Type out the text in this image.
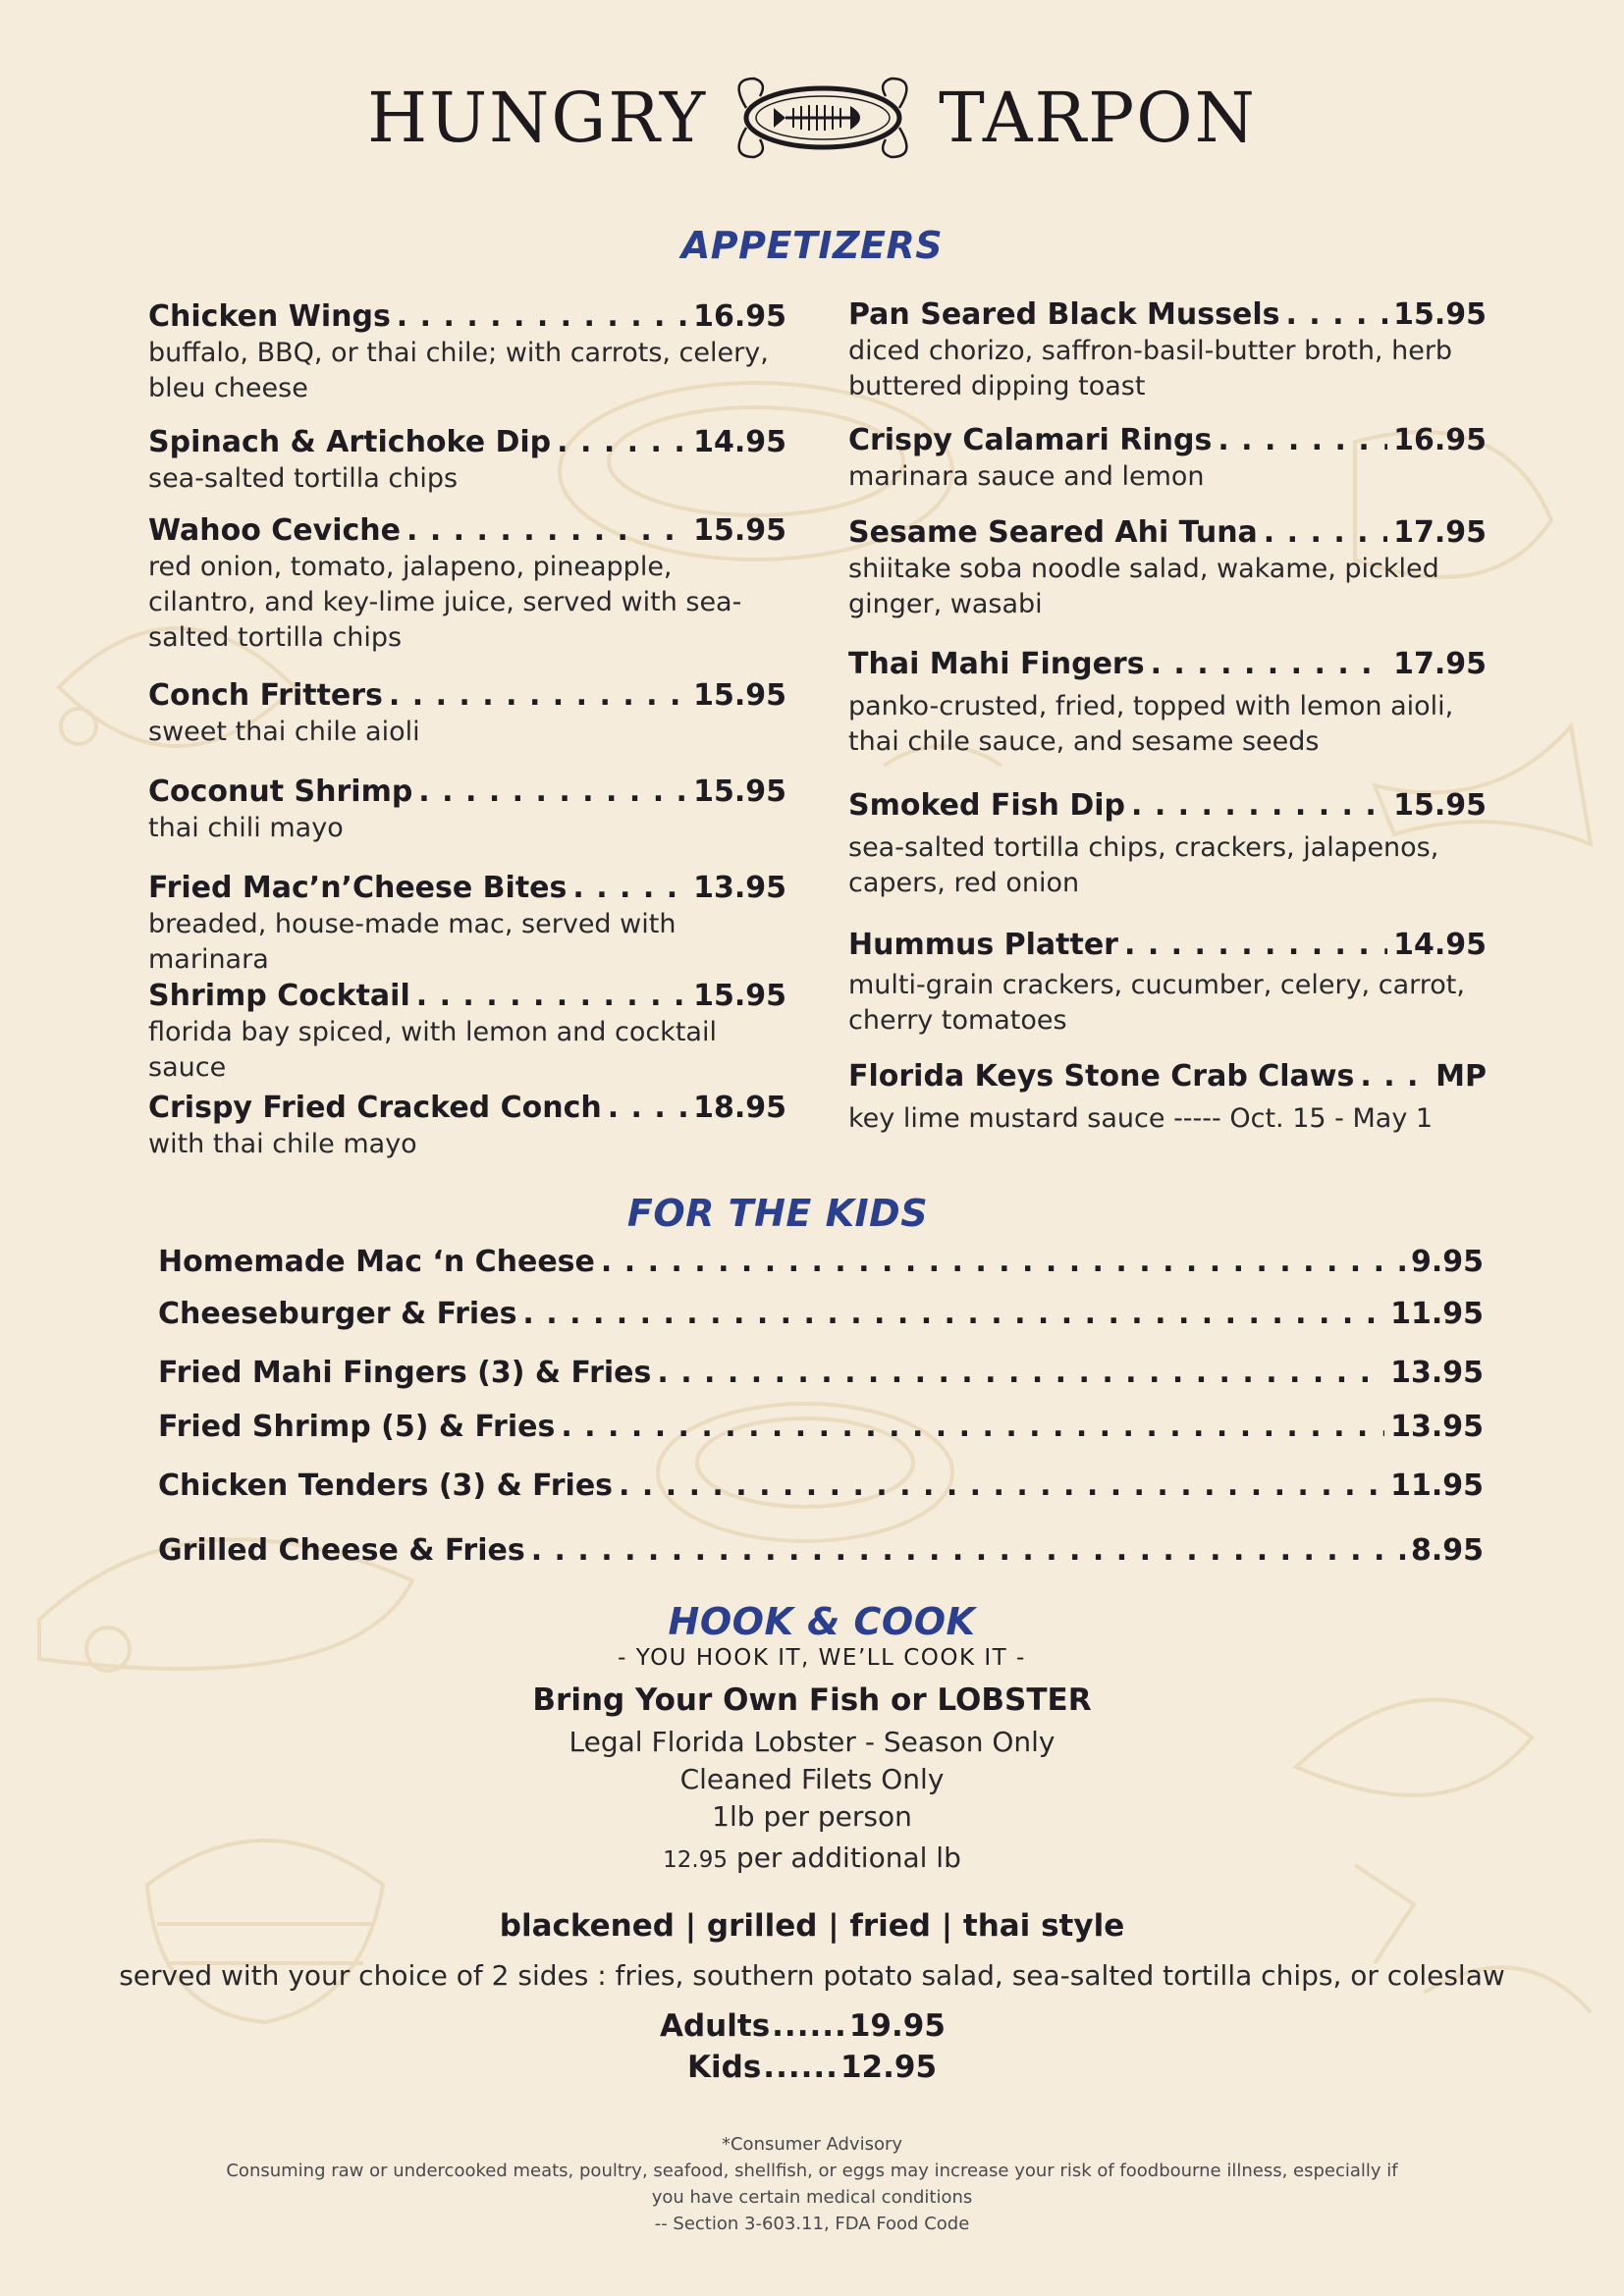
HUNGRY	TARPON
APPETIZERS
Chicken Wings . . .	16.95
buffalo, BBQ, or thai chile; with carrots, celery, bleu cheese
Spinach & Artichoke Dip . . .	14.95
sea-salted tortilla chips
Wahoo Ceviche . . .	15.95
red onion, tomato, jalapeno, pineapple, cilantro, and key-lime juice, served with sea-salted tortilla chips
Conch Fritters . . .	15.95
sweet thai chile aioli
Coconut Shrimp . . .	15.95
thai chili mayo
Fried Mac’n’Cheese Bites . . .	13.95
breaded, house-made mac, served with marinara
Shrimp Cocktail . . .	15.95
florida bay spiced, with lemon and cocktail sauce
Crispy Fried Cracked Conch . . .	18.95
with thai chile mayo
Pan Seared Black Mussels . . .	15.95
diced chorizo, saffron-basil-butter broth, herb buttered dipping toast
Crispy Calamari Rings . . .	16.95
marinara sauce and lemon
Sesame Seared Ahi Tuna . . .	17.95
shiitake soba noodle salad, wakame, pickled ginger, wasabi
Thai Mahi Fingers . . .	17.95
panko-crusted, fried, topped with lemon aioli, thai chile sauce, and sesame seeds
Smoked Fish Dip . . .	15.95
sea-salted tortilla chips, crackers, jalapenos, capers, red onion
Hummus Platter . . .	14.95
multi-grain crackers, cucumber, celery, carrot, cherry tomatoes
Florida Keys Stone Crab Claws . . .	MP
key lime mustard sauce ----- Oct. 15 - May 1
FOR THE KIDS
Homemade Mac ‘n Cheese . . .	9.95
Cheeseburger & Fries . . .	11.95
Fried Mahi Fingers (3) & Fries . . .	13.95
Fried Shrimp (5) & Fries . . .	13.95
Chicken Tenders (3) & Fries . . .	11.95
Grilled Cheese & Fries . . .	8.95
HOOK & COOK
- YOU HOOK IT, WE’LL COOK IT -
Bring Your Own Fish or LOBSTER
Legal Florida Lobster - Season Only
Cleaned Filets Only
1lb per person
12.95 per additional lb
blackened | grilled | fried | thai style
served with your choice of 2 sides : fries, southern potato salad, sea-salted tortilla chips, or coleslaw
Adults ...... 19.95
Kids ...... 12.95
*Consumer Advisory
Consuming raw or undercooked meats, poultry, seafood, shellfish, or eggs may increase your risk of foodbourne illness, especially if
you have certain medical conditions
-- Section 3-603.11, FDA Food Code
